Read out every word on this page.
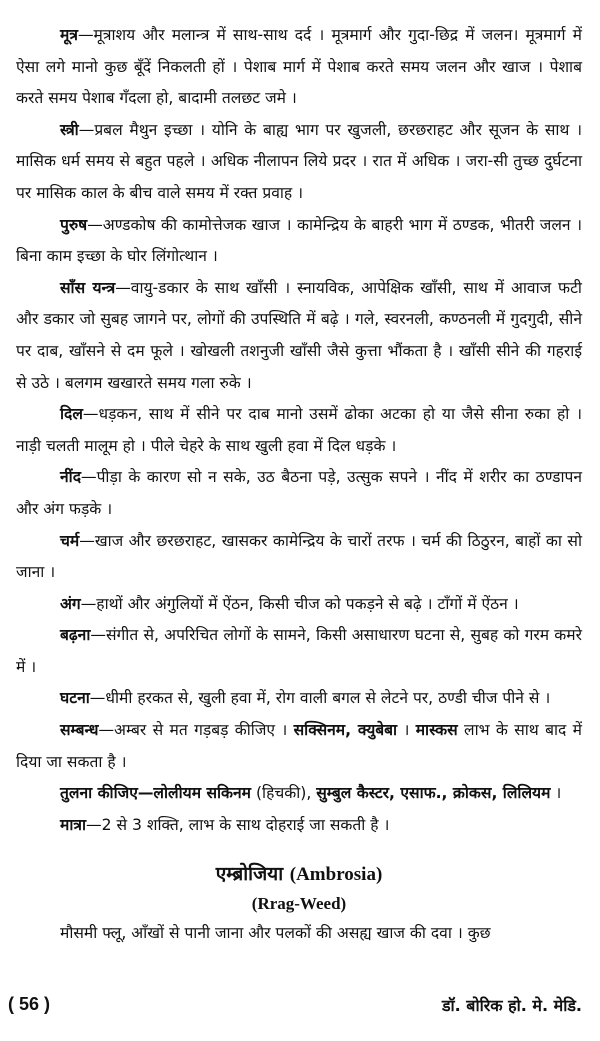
मूत्र—मूत्राशय और मलान्त्र में साथ-साथ दर्द । मूत्रमार्ग और गुदा-छिद्र में जलन। मूत्रमार्ग में ऐसा लगे मानो कुछ बूँदें निकलती हों । पेशाब मार्ग में पेशाब करते समय जलन और खाज । पेशाब करते समय पेशाब गँदला हो, बादामी तलछट जमे ।

स्त्री—प्रबल मैथुन इच्छा । योनि के बाह्य भाग पर खुजली, छरछराहट और सूजन के साथ । मासिक धर्म समय से बहुत पहले । अधिक नीलापन लिये प्रदर । रात में अधिक । जरा-सी तुच्छ दुर्घटना पर मासिक काल के बीच वाले समय में रक्त प्रवाह ।

पुरुष—अण्डकोष की कामोत्तेजक खाज । कामेन्द्रिय के बाहरी भाग में ठण्डक, भीतरी जलन । बिना काम इच्छा के घोर लिंगोत्थान ।

साँस यन्त्र—वायु-डकार के साथ खाँसी । स्नायविक, आपेक्षिक खाँसी, साथ में आवाज फटी और डकार जो सुबह जागने पर, लोगों की उपस्थिति में बढ़े । गले, स्वरनली, कण्ठनली में गुदगुदी, सीने पर दाब, खाँसने से दम फूले । खोखली तशनुजी खाँसी जैसे कुत्ता भौंकता है । खाँसी सीने की गहराई से उठे । बलगम खखारते समय गला रुके ।

दिल—धड़कन, साथ में सीने पर दाब मानो उसमें ढोका अटका हो या जैसे सीना रुका हो । नाड़ी चलती मालूम हो । पीले चेहरे के साथ खुली हवा में दिल धड़के ।

नींद—पीड़ा के कारण सो न सके, उठ बैठना पड़े, उत्सुक सपने । नींद में शरीर का ठण्डापन और अंग फड़के ।

चर्म—खाज और छरछराहट, खासकर कामेन्द्रिय के चारों तरफ । चर्म की ठिठुरन, बाहों का सो जाना ।

अंग—हाथों और अंगुलियों में ऐंठन, किसी चीज को पकड़ने से बढ़े । टाँगों में ऐंठन ।

बढ़ना—संगीत से, अपरिचित लोगों के सामने, किसी असाधारण घटना से, सुबह को गरम कमरे में ।

घटना—धीमी हरकत से, खुली हवा में, रोग वाली बगल से लेटने पर, ठण्डी चीज पीने से ।

सम्बन्ध—अम्बर से मत गड़बड़ कीजिए । सक्सिनम, क्युबेबा । मास्कस लाभ के साथ बाद में दिया जा सकता है ।

तुलना कीजिए—लोलीयम सकिनम (हिचकी), सुम्बुल कैस्टर, एसाफ., क्रोकस, लिलियम ।

मात्रा—2 से 3 शक्ति, लाभ के साथ दोहराई जा सकती है ।

एम्ब्रोजिया (Ambrosia)
(Rrag-Weed)

मौसमी फ्लू, आँखों से पानी जाना और पलकों की असह्य खाज की दवा । कुछ

( 56 )	डॉ. बोरिक हो. मे. मेडि.
